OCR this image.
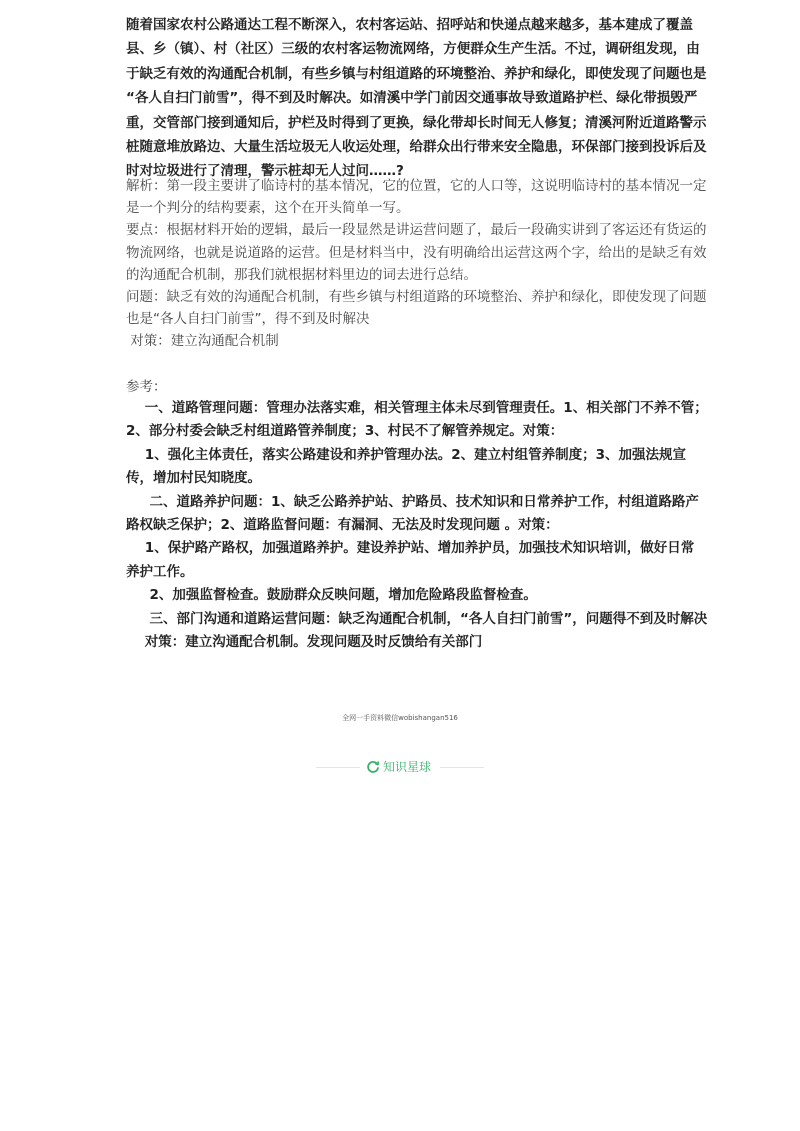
随着国家农村公路通达工程不断深入，农村客运站、招呼站和快递点越来越多，基本建成了覆盖
县、乡（镇）、村（社区）三级的农村客运物流网络，方便群众生产生活。不过，调研组发现，由
于缺乏有效的沟通配合机制，有些乡镇与村组道路的环境整治、养护和绿化，即使发现了问题也是
“各人自扫门前雪”，得不到及时解决。如清溪中学门前因交通事故导致道路护栏、绿化带损毁严
重，交管部门接到通知后，护栏及时得到了更换，绿化带却长时间无人修复；清溪河附近道路警示
桩随意堆放路边、大量生活垃圾无人收运处理，给群众出行带来安全隐患，环保部门接到投诉后及
时对垃圾进行了清理，警示桩却无人过问……?
解析：第一段主要讲了临诗村的基本情况，它的位置，它的人口等，这说明临诗村的基本情况一定
是一个判分的结构要素，这个在开头简单一写。
要点：根据材料开始的逻辑，最后一段显然是讲运营问题了，最后一段确实讲到了客运还有货运的
物流网络，也就是说道路的运营。但是材料当中，没有明确给出运营这两个字，给出的是缺乏有效
的沟通配合机制，那我们就根据材料里边的词去进行总结。
问题：缺乏有效的沟通配合机制，有些乡镇与村组道路的环境整治、养护和绿化，即使发现了问题
也是“各人自扫门前雪”，得不到及时解决
对策：建立沟通配合机制
参考：
一、道路管理问题：管理办法落实难，相关管理主体未尽到管理责任。1、相关部门不养不管；
2、部分村委会缺乏村组道路管养制度；3、村民不了解管养规定。对策：
1、强化主体责任，落实公路建设和养护管理办法。2、建立村组管养制度；3、加强法规宣
传，增加村民知晓度。
二、道路养护问题：1、缺乏公路养护站、护路员、技术知识和日常养护工作，村组道路路产
路权缺乏保护；2、道路监督问题：有漏洞、无法及时发现问题 。对策：
1、保护路产路权，加强道路养护。建设养护站、增加养护员，加强技术知识培训，做好日常
养护工作。
2、加强监督检查。鼓励群众反映问题，增加危险路段监督检查。
三、部门沟通和道路运营问题：缺乏沟通配合机制，“各人自扫门前雪”，问题得不到及时解决
对策：建立沟通配合机制。发现问题及时反馈给有关部门
全网一手资料微信wobishangan516
知识星球
